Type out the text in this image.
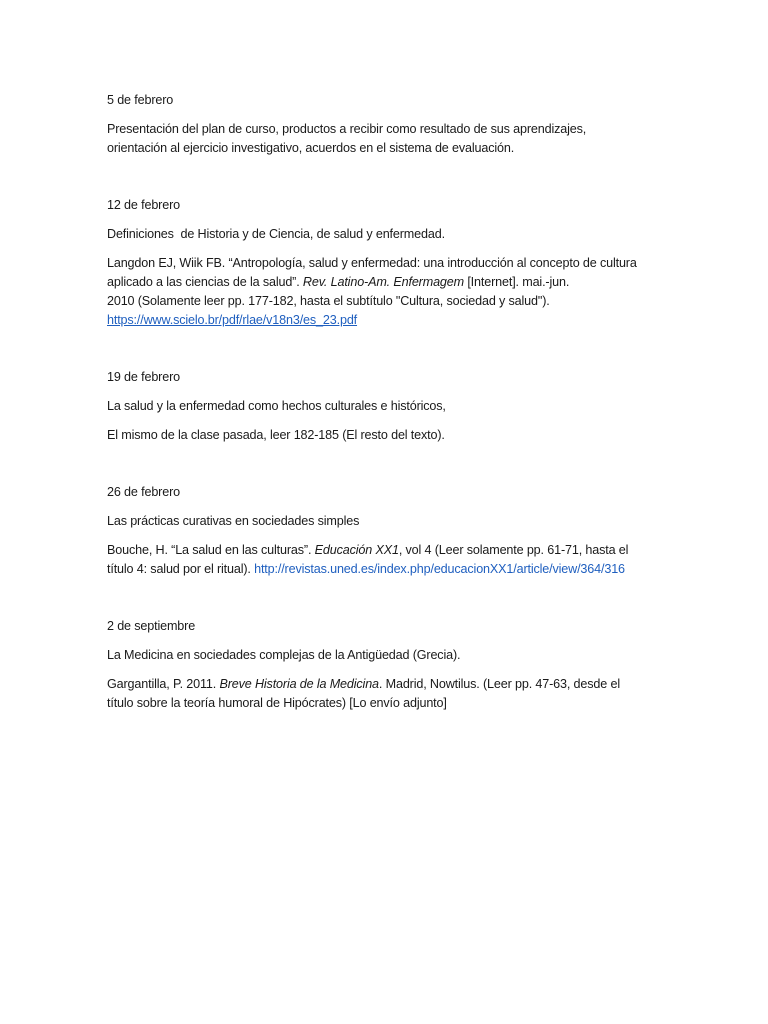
5 de febrero

Presentación del plan de curso, productos a recibir como resultado de sus aprendizajes,
orientación al ejercicio investigativo, acuerdos en el sistema de evaluación.

12 de febrero

Definiciones  de Historia y de Ciencia, de salud y enfermedad.

Langdon EJ, Wiik FB. “Antropología, salud y enfermedad: una introducción al concepto de cultura
aplicado a las ciencias de la salud”. Rev. Latino-Am. Enfermagem [Internet]. mai.-jun.
2010 (Solamente leer pp. 177-182, hasta el subtítulo "Cultura, sociedad y salud").
https://www.scielo.br/pdf/rlae/v18n3/es_23.pdf

19 de febrero

La salud y la enfermedad como hechos culturales e históricos,

El mismo de la clase pasada, leer 182-185 (El resto del texto).

26 de febrero

Las prácticas curativas en sociedades simples

Bouche, H. “La salud en las culturas”. Educación XX1, vol 4 (Leer solamente pp. 61-71, hasta el
título 4: salud por el ritual). http://revistas.uned.es/index.php/educacionXX1/article/view/364/316

2 de septiembre

La Medicina en sociedades complejas de la Antigüedad (Grecia).

Gargantilla, P. 2011. Breve Historia de la Medicina. Madrid, Nowtilus. (Leer pp. 47-63, desde el
título sobre la teoría humoral de Hipócrates) [Lo envío adjunto]
